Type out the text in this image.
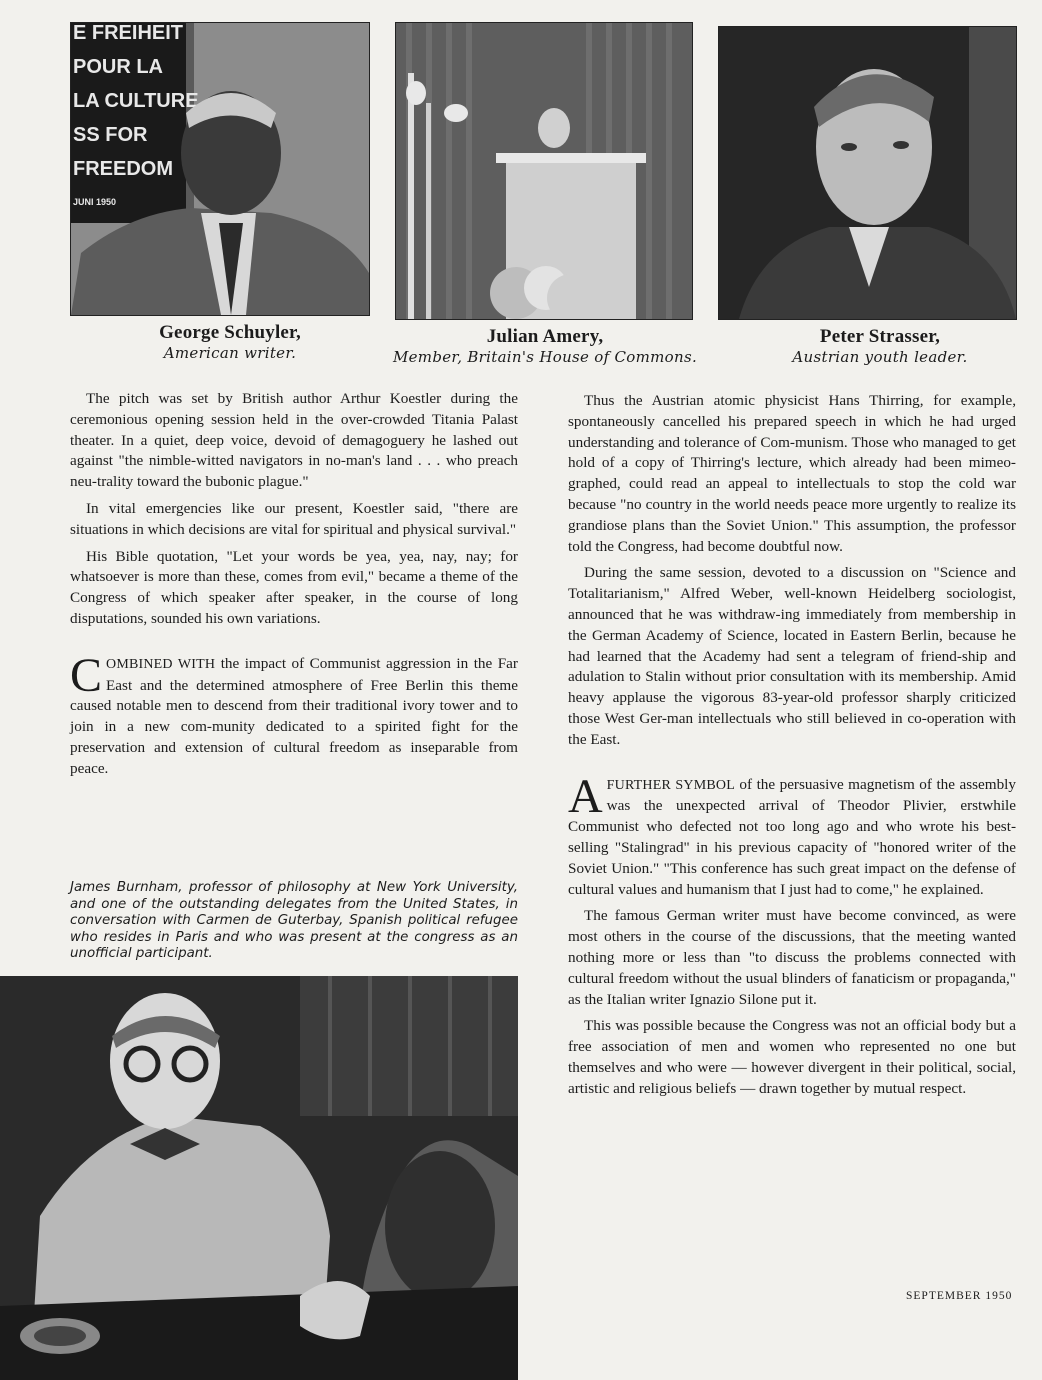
E FREIHEIT
POUR LA
LA CULTURE
SS FOR
FREEDOM
JUNI 1950
George Schuyler,
American writer.
Julian Amery,
Member, Britain's House of Commons.
Peter Strasser,
Austrian youth leader.

The pitch was set by British author Arthur Koestler during the ceremonious opening session held in the over-crowded Titania Palast theater. In a quiet, deep voice, devoid of demagoguery he lashed out against "the nimble-witted navigators in no-man's land . . . who preach neu-trality toward the bubonic plague."

In vital emergencies like our present, Koestler said, "there are situations in which decisions are vital for spiritual and physical survival."

His Bible quotation, "Let your words be yea, yea, nay, nay; for whatsoever is more than these, comes from evil," became a theme of the Congress of which speaker after speaker, in the course of long disputations, sounded his own variations.

COMBINED WITH the impact of Communist aggression in the Far East and the determined atmosphere of Free Berlin this theme caused notable men to descend from their traditional ivory tower and to join in a new com-munity dedicated to a spirited fight for the preservation and extension of cultural freedom as inseparable from peace.

James Burnham, professor of philosophy at New York University, and one of the outstanding delegates from the United States, in conversation with Carmen de Guterbay, Spanish political refugee who resides in Paris and who was present at the congress as an unofficial participant.

Thus the Austrian atomic physicist Hans Thirring, for example, spontaneously cancelled his prepared speech in which he had urged understanding and tolerance of Com-munism. Those who managed to get hold of a copy of Thirring's lecture, which already had been mimeo-graphed, could read an appeal to intellectuals to stop the cold war because "no country in the world needs peace more urgently to realize its grandiose plans than the Soviet Union." This assumption, the professor told the Congress, had become doubtful now.

During the same session, devoted to a discussion on "Science and Totalitarianism," Alfred Weber, well-known Heidelberg sociologist, announced that he was withdraw-ing immediately from membership in the German Academy of Science, located in Eastern Berlin, because he had learned that the Academy had sent a telegram of friend-ship and adulation to Stalin without prior consultation with its membership. Amid heavy applause the vigorous 83-year-old professor sharply criticized those West Ger-man intellectuals who still believed in co-operation with the East.

AFURTHER SYMBOL of the persuasive magnetism of the assembly was the unexpected arrival of Theodor Plivier, erstwhile Communist who defected not too long ago and who wrote his best-selling "Stalingrad" in his previous capacity of "honored writer of the Soviet Union." "This conference has such great impact on the defense of cultural values and humanism that I just had to come," he explained.

The famous German writer must have become convinced, as were most others in the course of the discussions, that the meeting wanted nothing more or less than "to discuss the problems connected with cultural freedom without the usual blinders of fanaticism or propaganda," as the Italian writer Ignazio Silone put it.

This was possible because the Congress was not an official body but a free association of men and women who represented no one but themselves and who were — however divergent in their political, social, artistic and religious beliefs — drawn together by mutual respect.

SEPTEMBER 1950
